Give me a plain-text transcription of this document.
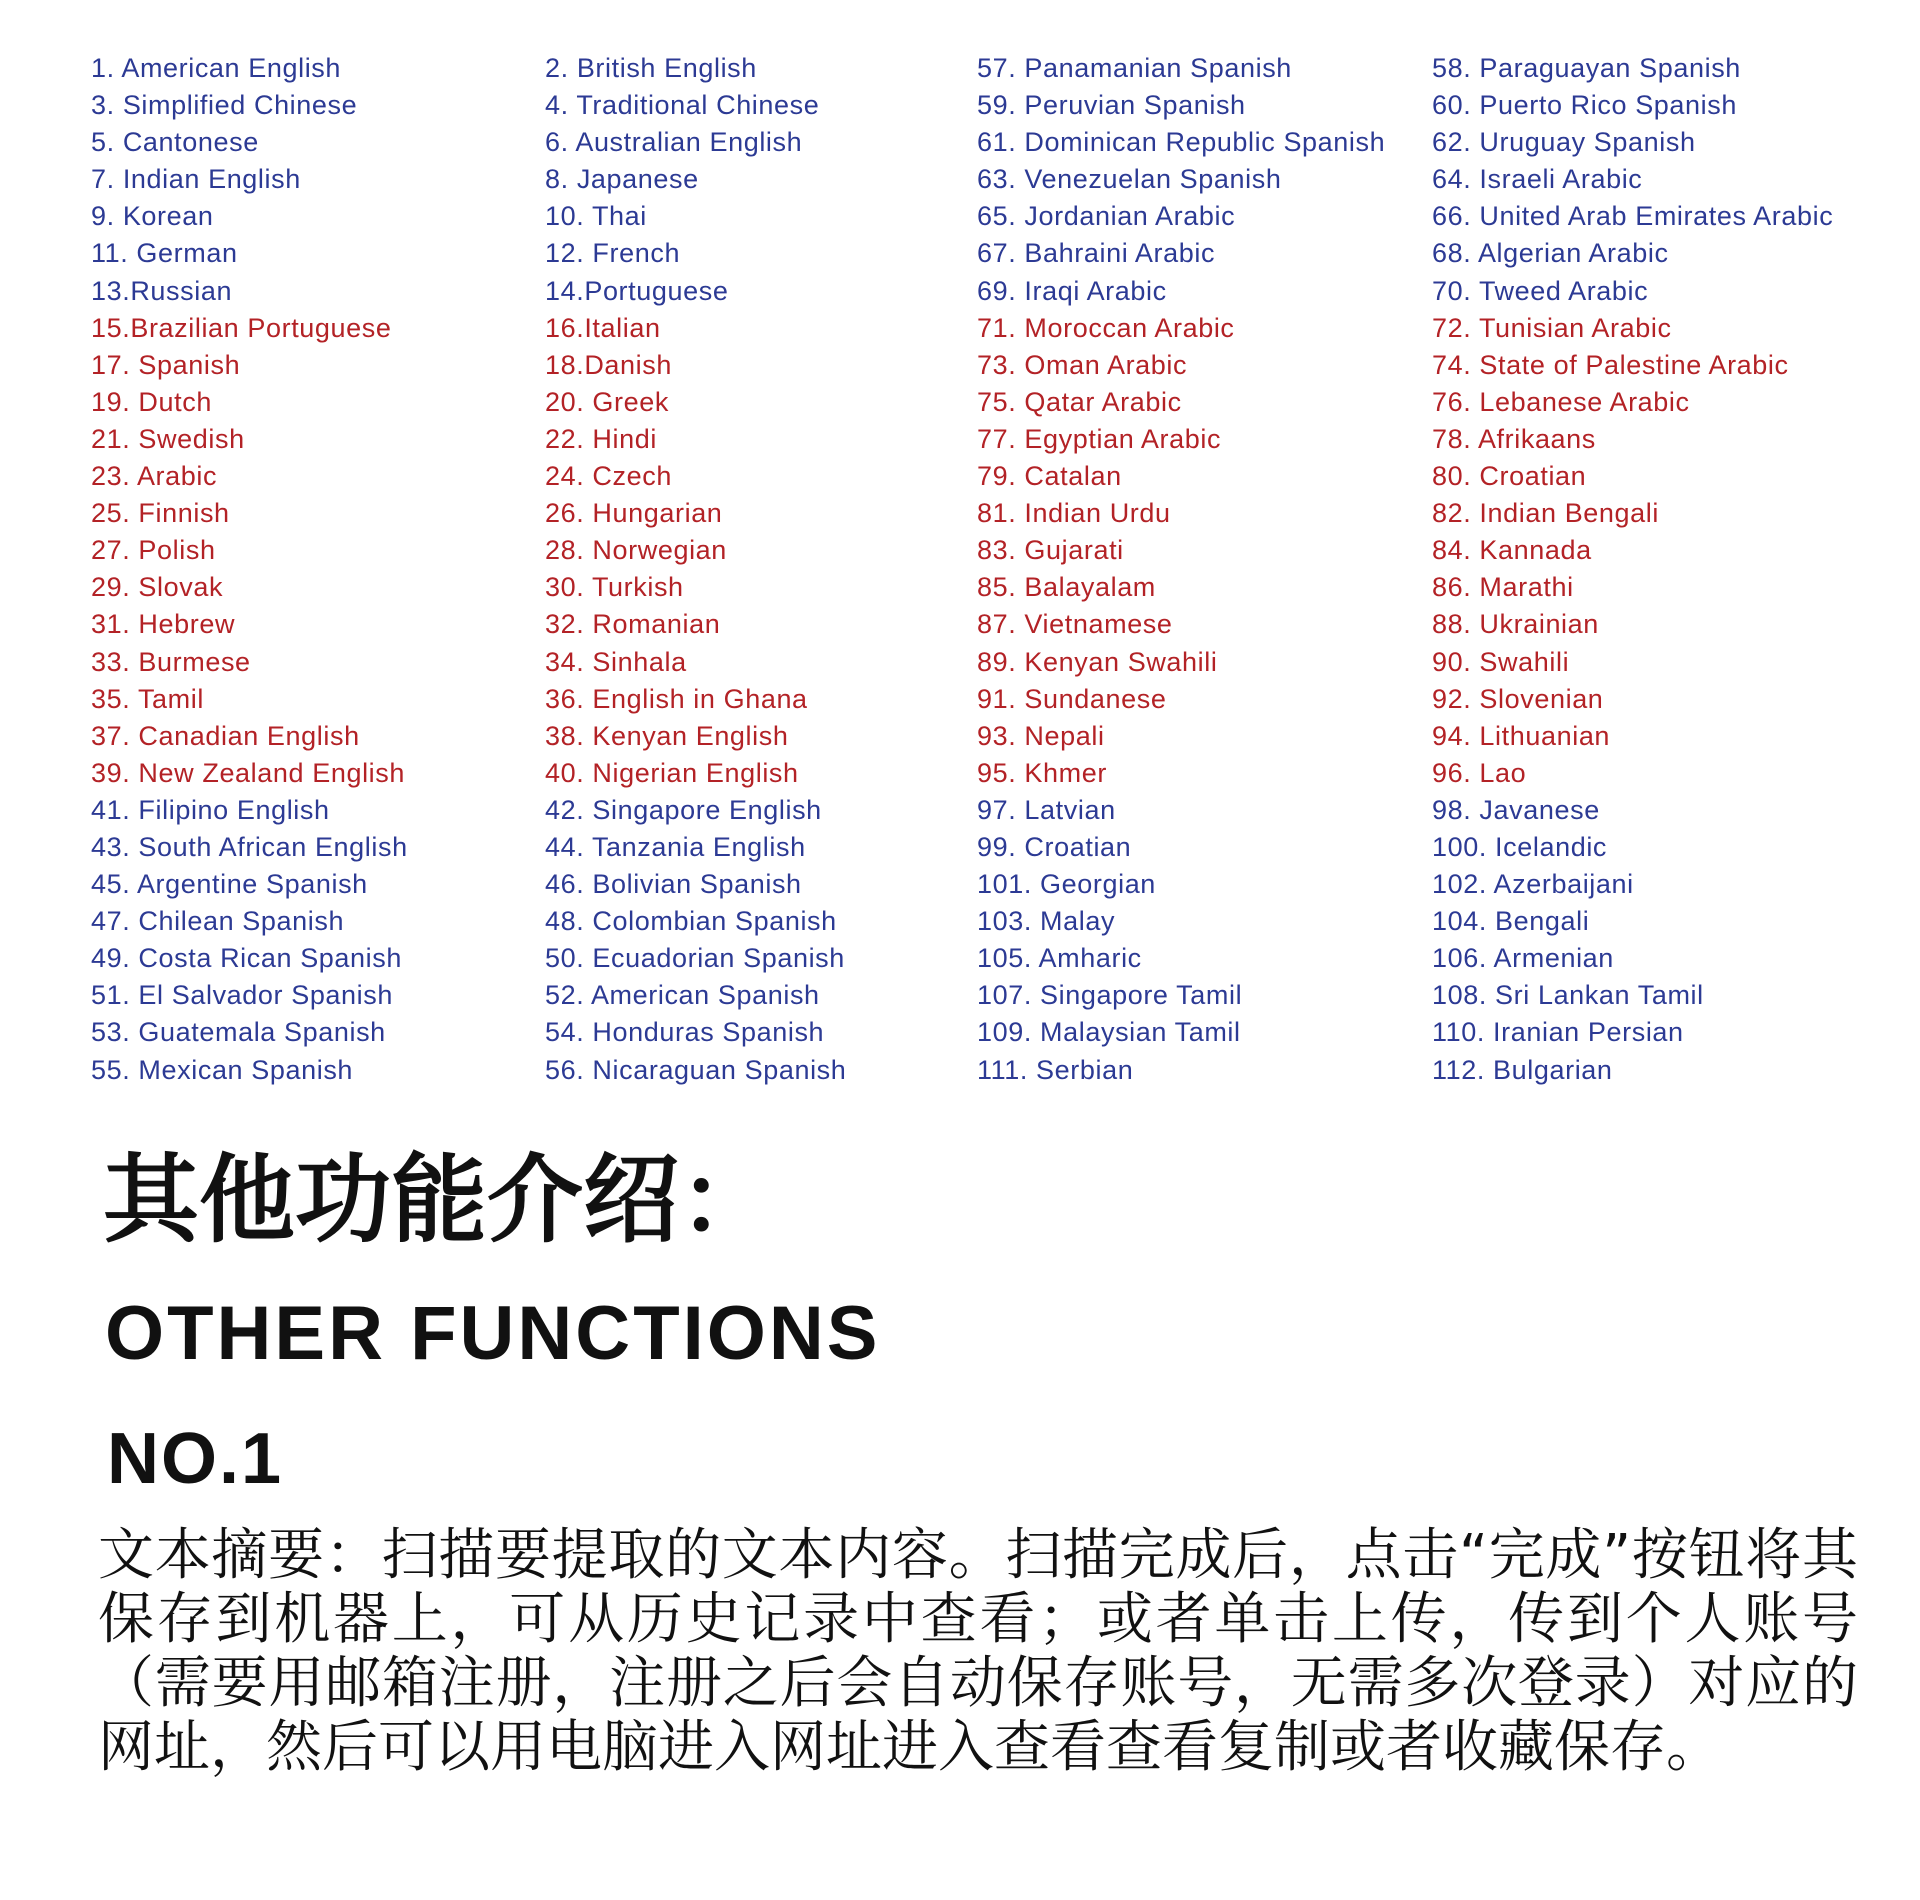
1. American English
3. Simplified Chinese
5. Cantonese
7. Indian English
9. Korean
11. German
13.Russian
15.Brazilian Portuguese
17. Spanish
19. Dutch
21. Swedish
23. Arabic
25. Finnish
27. Polish
29. Slovak
31. Hebrew
33. Burmese
35. Tamil
37. Canadian English
39. New Zealand English
41. Filipino English
43. South African English
45. Argentine Spanish
47. Chilean Spanish
49. Costa Rican Spanish
51. El Salvador Spanish
53. Guatemala Spanish
55. Mexican Spanish
2. British English
4. Traditional Chinese
6. Australian English
8. Japanese
10. Thai
12. French
14.Portuguese
16.Italian
18.Danish
20. Greek
22. Hindi
24. Czech
26. Hungarian
28. Norwegian
30. Turkish
32. Romanian
34. Sinhala
36. English in Ghana
38. Kenyan English
40. Nigerian English
42. Singapore English
44. Tanzania English
46. Bolivian Spanish
48. Colombian Spanish
50. Ecuadorian Spanish
52. American Spanish
54. Honduras Spanish
56. Nicaraguan Spanish
57. Panamanian Spanish
59. Peruvian Spanish
61. Dominican Republic Spanish
63. Venezuelan Spanish
65. Jordanian Arabic
67. Bahraini Arabic
69. Iraqi Arabic
71. Moroccan Arabic
73. Oman Arabic
75. Qatar Arabic
77. Egyptian Arabic
79. Catalan
81. Indian Urdu
83. Gujarati
85. Balayalam
87. Vietnamese
89. Kenyan Swahili
91. Sundanese
93. Nepali
95. Khmer
97. Latvian
99. Croatian
101. Georgian
103. Malay
105. Amharic
107. Singapore Tamil
109. Malaysian Tamil
111. Serbian
58. Paraguayan Spanish
60. Puerto Rico Spanish
62. Uruguay Spanish
64. Israeli Arabic
66. United Arab Emirates Arabic
68. Algerian Arabic
70. Tweed Arabic
72. Tunisian Arabic
74. State of Palestine Arabic
76. Lebanese Arabic
78. Afrikaans
80. Croatian
82. Indian Bengali
84. Kannada
86. Marathi
88. Ukrainian
90. Swahili
92. Slovenian
94. Lithuanian
96. Lao
98. Javanese
100. Icelandic
102. Azerbaijani
104. Bengali
106. Armenian
108. Sri Lankan Tamil
110. Iranian Persian
112. Bulgarian
其他功能介绍：
OTHER FUNCTIONS
NO.1
文本摘要：扫描要提取的文本内容。扫描完成后，点击“完成”按钮将其保存到机器上，可从历史记录中查看；或者单击上传，传到个人账号（需要用邮箱注册，注册之后会自动保存账号，无需多次登录）对应的网址，然后可以用电脑进入网址进入查看查看复制或者收藏保存。
